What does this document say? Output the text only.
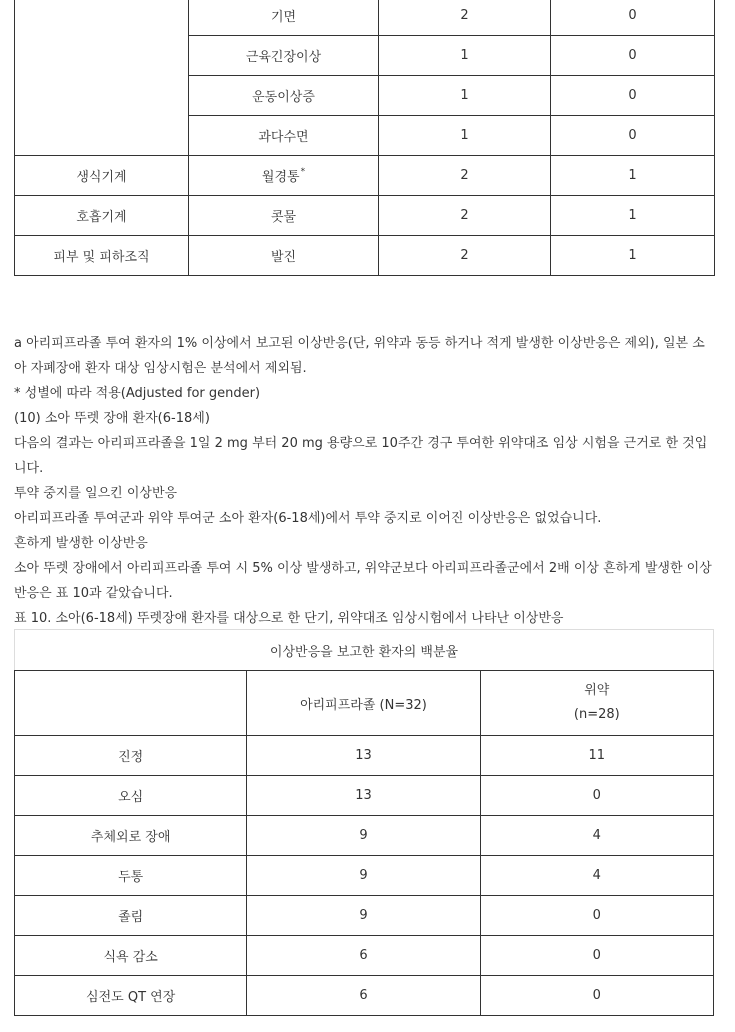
	기면	2	0
	근육긴장이상	1	0
	운동이상증	1	0
	과다수면	1	0
생식기계	월경통*	2	1
호흡기계	콧물	2	1
피부 및 피하조직	발진	2	1

a 아리피프라졸 투여 환자의 1% 이상에서 보고된 이상반응(단, 위약과 동등 하거나 적게 발생한 이상반응은 제외), 일본 소아 자폐장애 환자 대상 임상시험은 분석에서 제외됨.

* 성별에 따라 적용(Adjusted for gender)

(10) 소아 뚜렛 장애 환자(6-18세)

다음의 결과는 아리피프라졸을 1일 2 mg 부터 20 mg 용량으로 10주간 경구 투여한 위약대조 임상 시험을 근거로 한 것입니다.

투약 중지를 일으킨 이상반응

아리피프라졸 투여군과 위약 투여군 소아 환자(6-18세)에서 투약 중지로 이어진 이상반응은 없었습니다.

흔하게 발생한 이상반응

소아 뚜렛 장애에서 아리피프라졸 투여 시 5% 이상 발생하고, 위약군보다 아리피프라졸군에서 2배 이상 흔하게 발생한 이상 반응은 표 10과 같았습니다.

표 10. 소아(6-18세) 뚜렛장애 환자를 대상으로 한 단기, 위약대조 임상시험에서 나타난 이상반응

이상반응을 보고한 환자의 백분율		
	아리피프라졸 (N=32)	위약
(n=28)

진정	13	11
오심	13	0
추체외로 장애	9	4
두통	9	4
졸림	9	0
식욕 감소	6	0
심전도 QT 연장	6	0
